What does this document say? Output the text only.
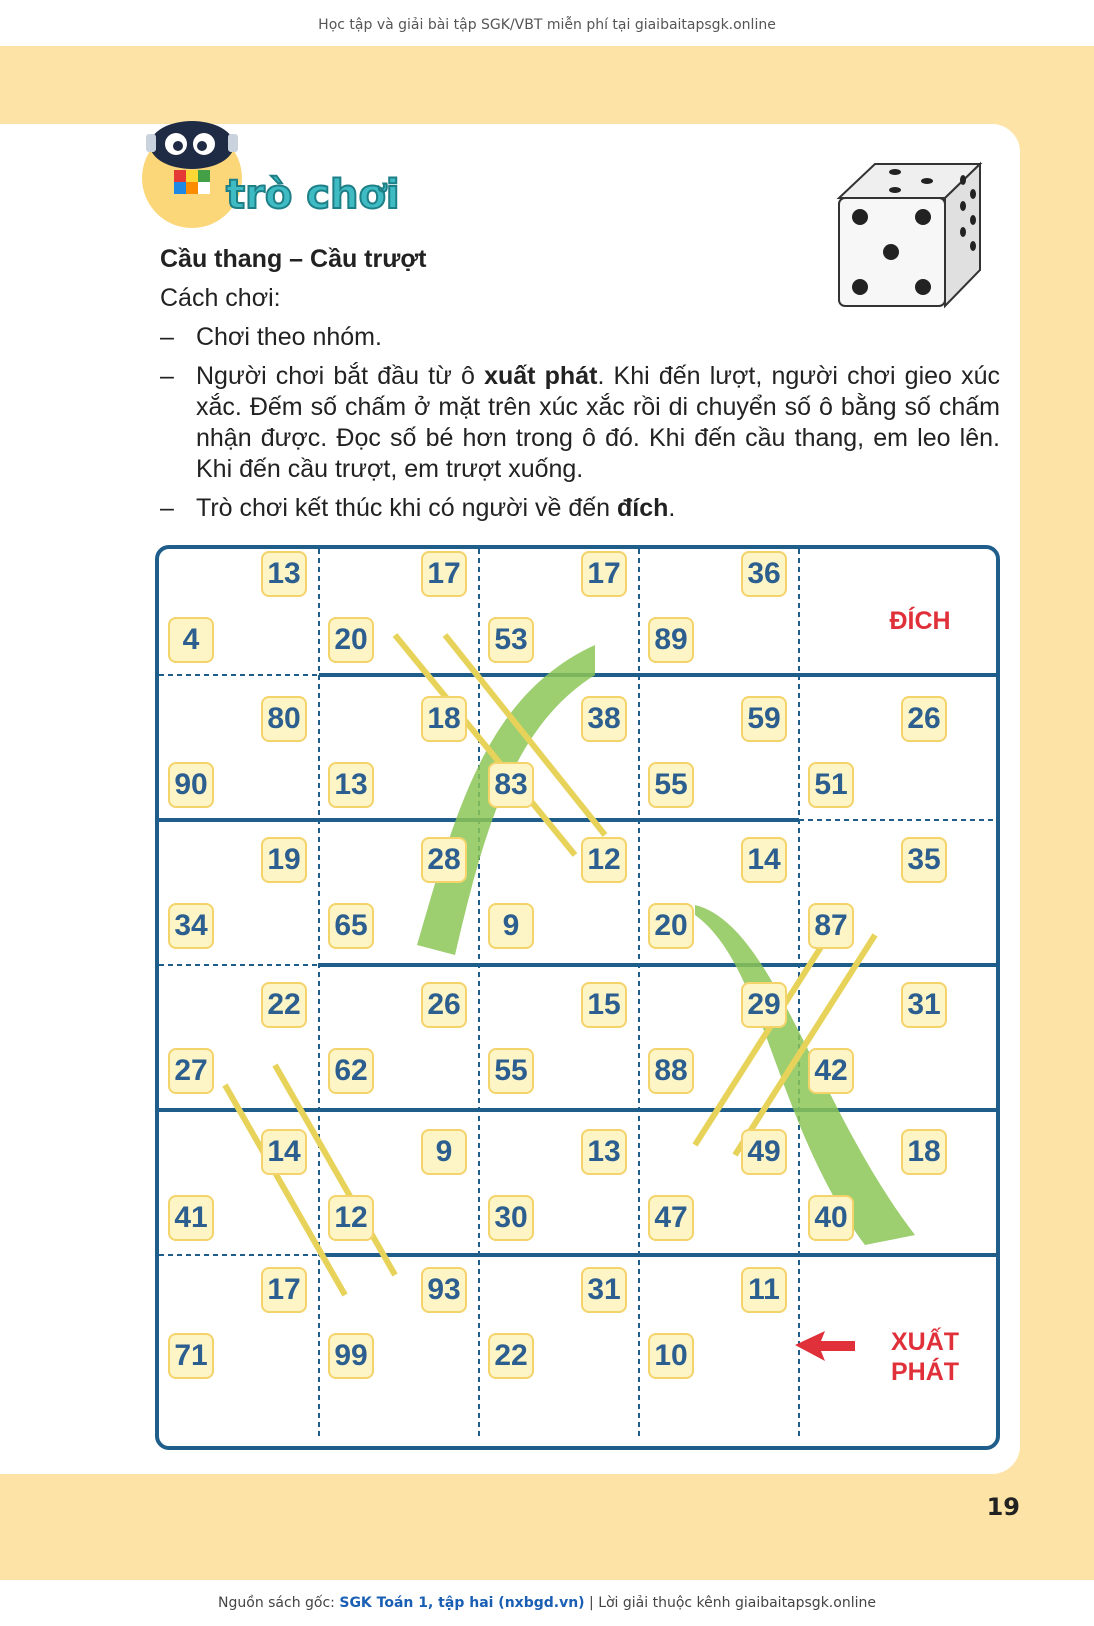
Học tập và giải bài tập SGK/VBT miễn phí tại giaibaitapsgk.online
trò chơi
Cầu thang – Cầu trượt
Cách chơi:
– Chơi theo nhóm.
– Người chơi bắt đầu từ ô xuất phát. Khi đến lượt, người chơi gieo xúc xắc. Đếm số chấm ở mặt trên xúc xắc rồi di chuyển số ô bằng số chấm nhận được. Đọc số bé hơn trong ô đó. Khi đến cầu thang, em leo lên. Khi đến cầu trượt, em trượt xuống.
– Trò chơi kết thúc khi có người về đến đích.
13
4
17
20
17
53
36
89
ĐÍCH
80
90
18
13
38
83
59
55
26
51
19
34
28
65
12
9
14
20
35
87
22
27
26
62
15
55
29
88
31
42
14
41
9
12
13
30
49
47
18
40
17
71
93
99
31
22
11
10	XUẤT
PHÁT
19
Nguồn sách gốc: SGK Toán 1, tập hai (nxbgd.vn) | Lời giải thuộc kênh giaibaitapsgk.online
